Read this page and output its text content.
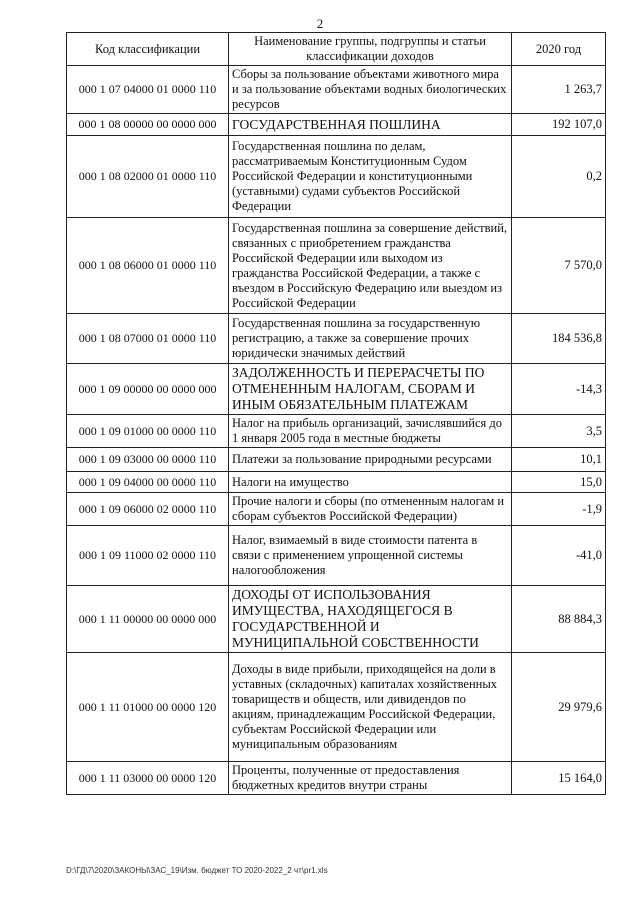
2
Код классификации	Наименование группы, подгруппы и статьи классификации доходов	2020 год
000 1 07 04000 01 0000 110	Сборы за пользование объектами животного мира и за пользование объектами водных биологических ресурсов	1 263,7
000 1 08 00000 00 0000 000	ГОСУДАРСТВЕННАЯ ПОШЛИНА	192 107,0
000 1 08 02000 01 0000 110	Государственная пошлина по делам, рассматриваемым Конституционным Судом Российской Федерации и конституционными (уставными) судами субъектов Российской Федерации	0,2
000 1 08 06000 01 0000 110	Государственная пошлина за совершение действий, связанных с приобретением гражданства Российской Федерации или выходом из гражданства Российской Федерации, а также с въездом в Российскую Федерацию или выездом из Российской Федерации	7 570,0
000 1 08 07000 01 0000 110	Государственная пошлина за государственную регистрацию, а также за совершение прочих юридически значимых действий	184 536,8
000 1 09 00000 00 0000 000	ЗАДОЛЖЕННОСТЬ И ПЕРЕРАСЧЕТЫ ПО ОТМЕНЕННЫМ НАЛОГАМ, СБОРАМ И ИНЫМ ОБЯЗАТЕЛЬНЫМ ПЛАТЕЖАМ	-14,3
000 1 09 01000 00 0000 110	Налог на прибыль организаций, зачислявшийся до 1 января 2005 года в местные бюджеты	3,5
000 1 09 03000 00 0000 110	Платежи за пользование природными ресурсами	10,1
000 1 09 04000 00 0000 110	Налоги на имущество	15,0
000 1 09 06000 02 0000 110	Прочие налоги и сборы (по отмененным налогам и сборам субъектов Российской Федерации)	-1,9
000 1 09 11000 02 0000 110	Налог, взимаемый в виде стоимости патента в связи с применением упрощенной системы налогообложения	-41,0
000 1 11 00000 00 0000 000	ДОХОДЫ ОТ ИСПОЛЬЗОВАНИЯ ИМУЩЕСТВА, НАХОДЯЩЕГОСЯ В ГОСУДАРСТВЕННОЙ И МУНИЦИПАЛЬНОЙ СОБСТВЕННОСТИ	88 884,3
000 1 11 01000 00 0000 120	Доходы в виде прибыли, приходящейся на доли в уставных (складочных) капиталах хозяйственных товариществ и обществ, или дивидендов по акциям, принадлежащим Российской Федерации, субъектам Российской Федерации или муниципальным образованиям	29 979,6
000 1 11 03000 00 0000 120	Проценты, полученные от предоставления бюджетных кредитов внутри страны	15 164,0
D:\ГД\7\2020\ЗАКОНЫ\ЗАС_19\Изм. бюджет ТО 2020-2022_2 чт\pr1.xls
